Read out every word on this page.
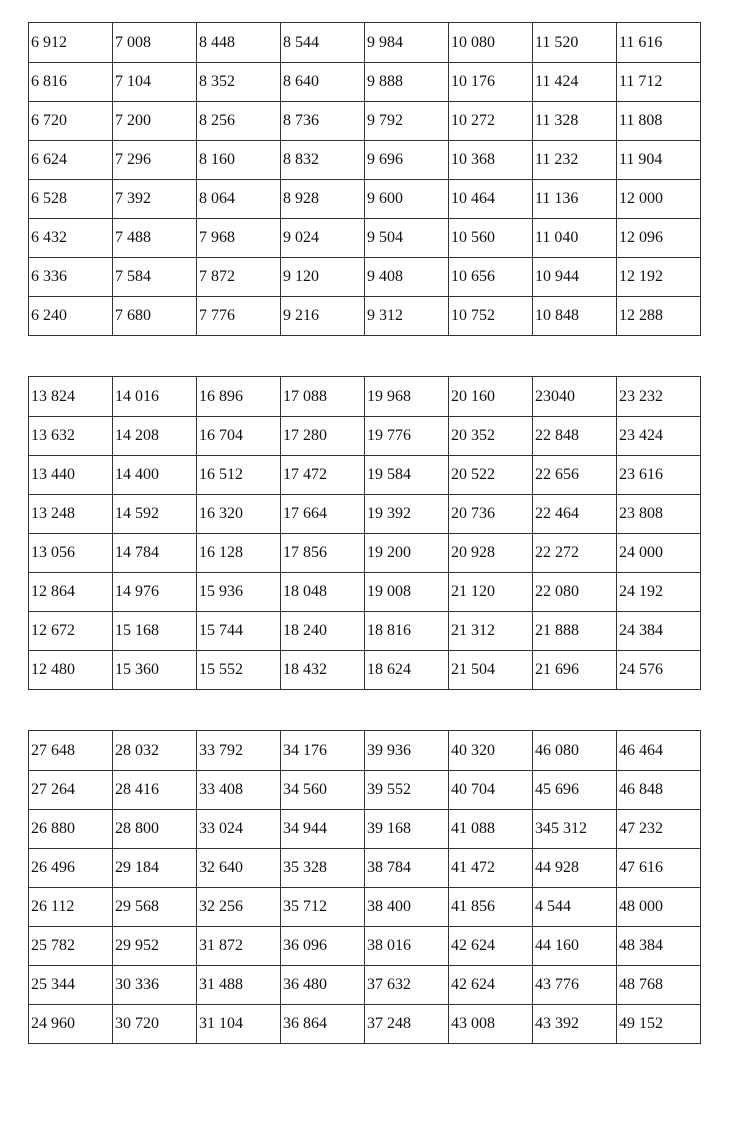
6 912	7 008	8 448	8 544	9 984	10 080	11 520	11 616
6 816	7 104	8 352	8 640	9 888	10 176	11 424	11 712
6 720	7 200	8 256	8 736	9 792	10 272	11 328	11 808
6 624	7 296	8 160	8 832	9 696	10 368	11 232	11 904
6 528	7 392	8 064	8 928	9 600	10 464	11 136	12 000
6 432	7 488	7 968	9 024	9 504	10 560	11 040	12 096
6 336	7 584	7 872	9 120	9 408	10 656	10 944	12 192
6 240	7 680	7 776	9 216	9 312	10 752	10 848	12 288
13 824	14 016	16 896	17 088	19 968	20 160	23040	23 232
13 632	14 208	16 704	17 280	19 776	20 352	22 848	23 424
13 440	14 400	16 512	17 472	19 584	20 522	22 656	23 616
13 248	14 592	16 320	17 664	19 392	20 736	22 464	23 808
13 056	14 784	16 128	17 856	19 200	20 928	22 272	24 000
12 864	14 976	15 936	18 048	19 008	21 120	22 080	24 192
12 672	15 168	15 744	18 240	18 816	21 312	21 888	24 384
12 480	15 360	15 552	18 432	18 624	21 504	21 696	24 576
27 648	28 032	33 792	34 176	39 936	40 320	46 080	46 464
27 264	28 416	33 408	34 560	39 552	40 704	45 696	46 848
26 880	28 800	33 024	34 944	39 168	41 088	345 312	47 232
26 496	29 184	32 640	35 328	38 784	41 472	44 928	47 616
26 112	29 568	32 256	35 712	38 400	41 856	4 544	48 000
25 782	29 952	31 872	36 096	38 016	42 624	44 160	48 384
25 344	30 336	31 488	36 480	37 632	42 624	43 776	48 768
24 960	30 720	31 104	36 864	37 248	43 008	43 392	49 152
